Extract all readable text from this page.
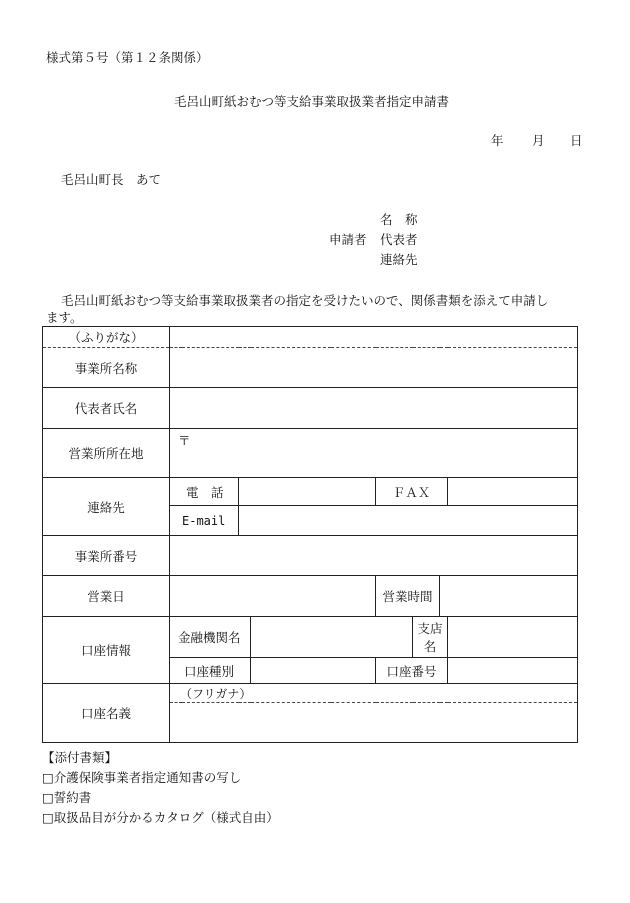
様式第５号（第１２条関係）
毛呂山町紙おむつ等支給事業取扱業者指定申請書
年 月 日
毛呂山町長　あて
名　称
申請者 代表者
連絡先
毛呂山町紙おむつ等支給事業取扱業者の指定を受けたいので、関係書類を添えて申請し
ます。
（ふりがな）							
事業所名称							
代表者氏名							
営業所所在地	〒						
連絡先	電　話			ＦＡＸ			
	E-mail						
事業所番号							
営業日				営業時間			
口座情報	金融機関名				支店名		
	口座種別			口座番号			
口座名義	（フリガナ）						

【添付書類】
□介護保険事業者指定通知書の写し
□誓約書
□取扱品目が分かるカタログ（様式自由）
